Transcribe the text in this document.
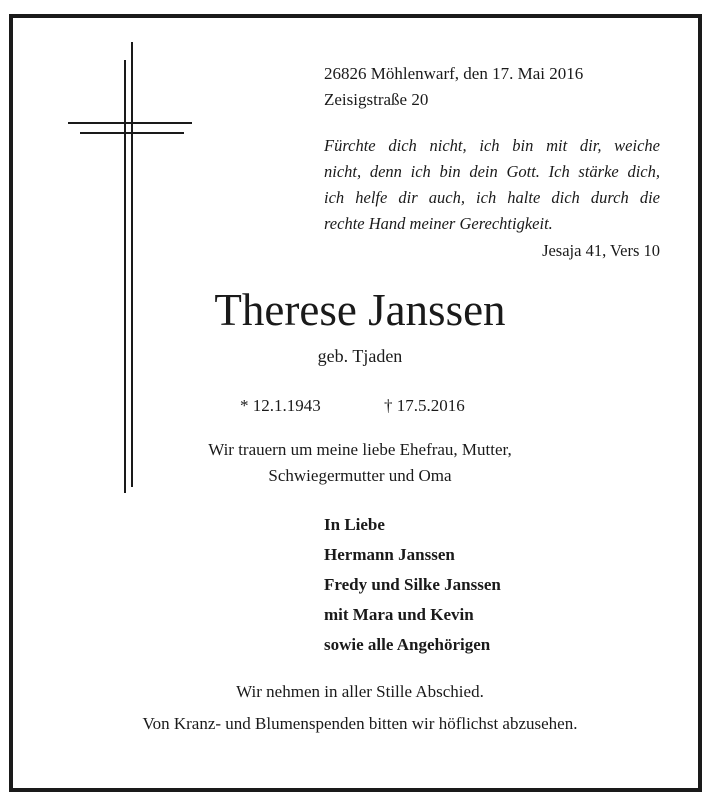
26826 Möhlenwarf, den 17. Mai 2016
Zeisigstraße 20
Fürchte dich nicht, ich bin mit dir, weiche
nicht, denn ich bin dein Gott. Ich stärke dich,
ich helfe dir auch, ich halte dich durch die
rechte Hand meiner Gerechtigkeit.
Jesaja 41, Vers 10
Therese Janssen
geb. Tjaden
* 12.1.1943	† 17.5.2016
Wir trauern um meine liebe Ehefrau, Mutter,
Schwiegermutter und Oma
In Liebe
Hermann Janssen
Fredy und Silke Janssen
mit Mara und Kevin
sowie alle Angehörigen
Wir nehmen in aller Stille Abschied.
Von Kranz- und Blumenspenden bitten wir höflichst abzusehen.
